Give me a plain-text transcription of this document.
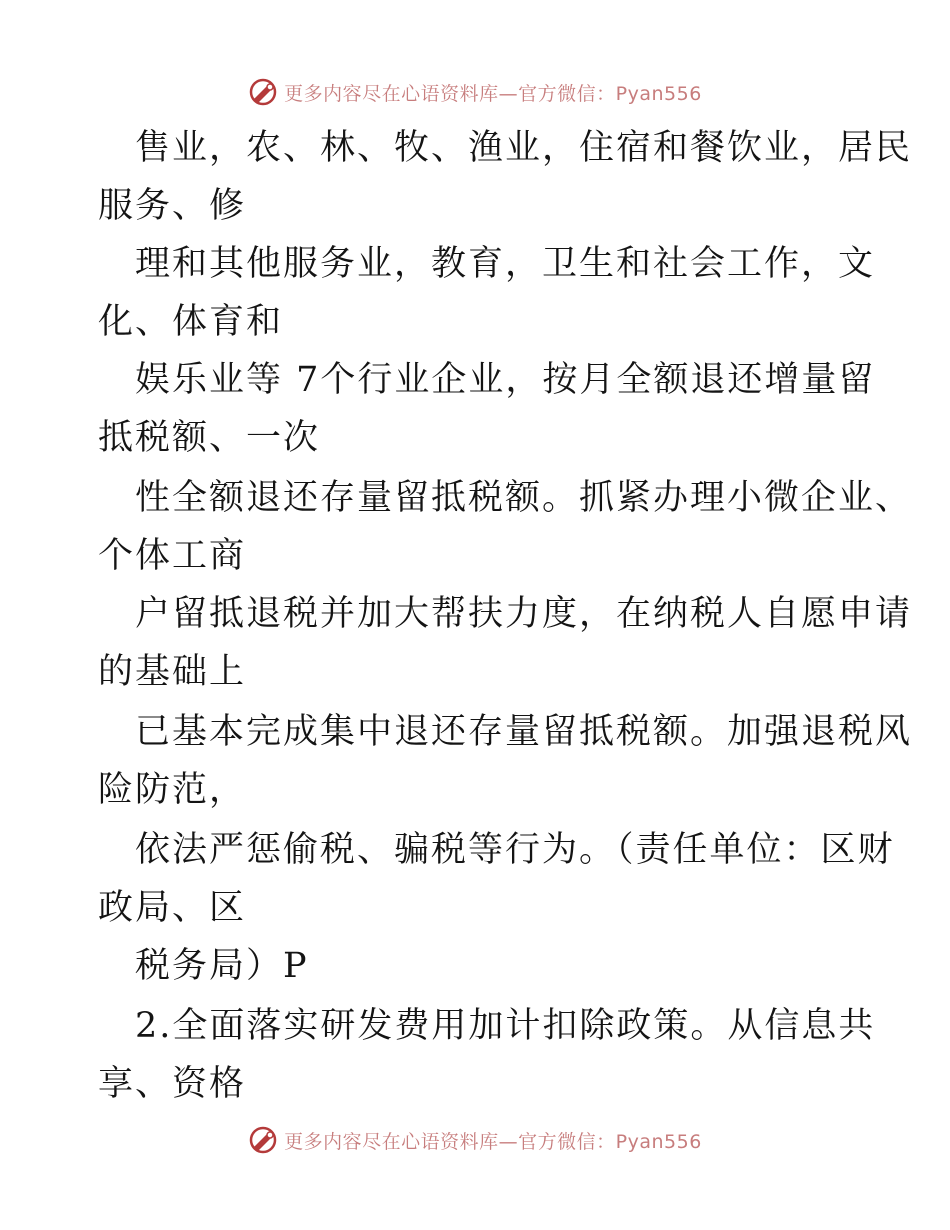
更多内容尽在心语资料库—官方微信：Pyan556
售业，农、林、牧、渔业，住宿和餐饮业，居民
服务、修
理和其他服务业，教育，卫生和社会工作，文
化、体育和
娱乐业等 7个行业企业，按月全额退还增量留
抵税额、一次
性全额退还存量留抵税额。抓紧办理小微企业、
个体工商
户留抵退税并加大帮扶力度，在纳税人自愿申请
的基础上
已基本完成集中退还存量留抵税额。加强退税风
险防范，
依法严惩偷税、骗税等行为。（责任单位：区财
政局、区
税务局）P
2.全面落实研发费用加计扣除政策。从信息共
享、资格
更多内容尽在心语资料库—官方微信：Pyan556
